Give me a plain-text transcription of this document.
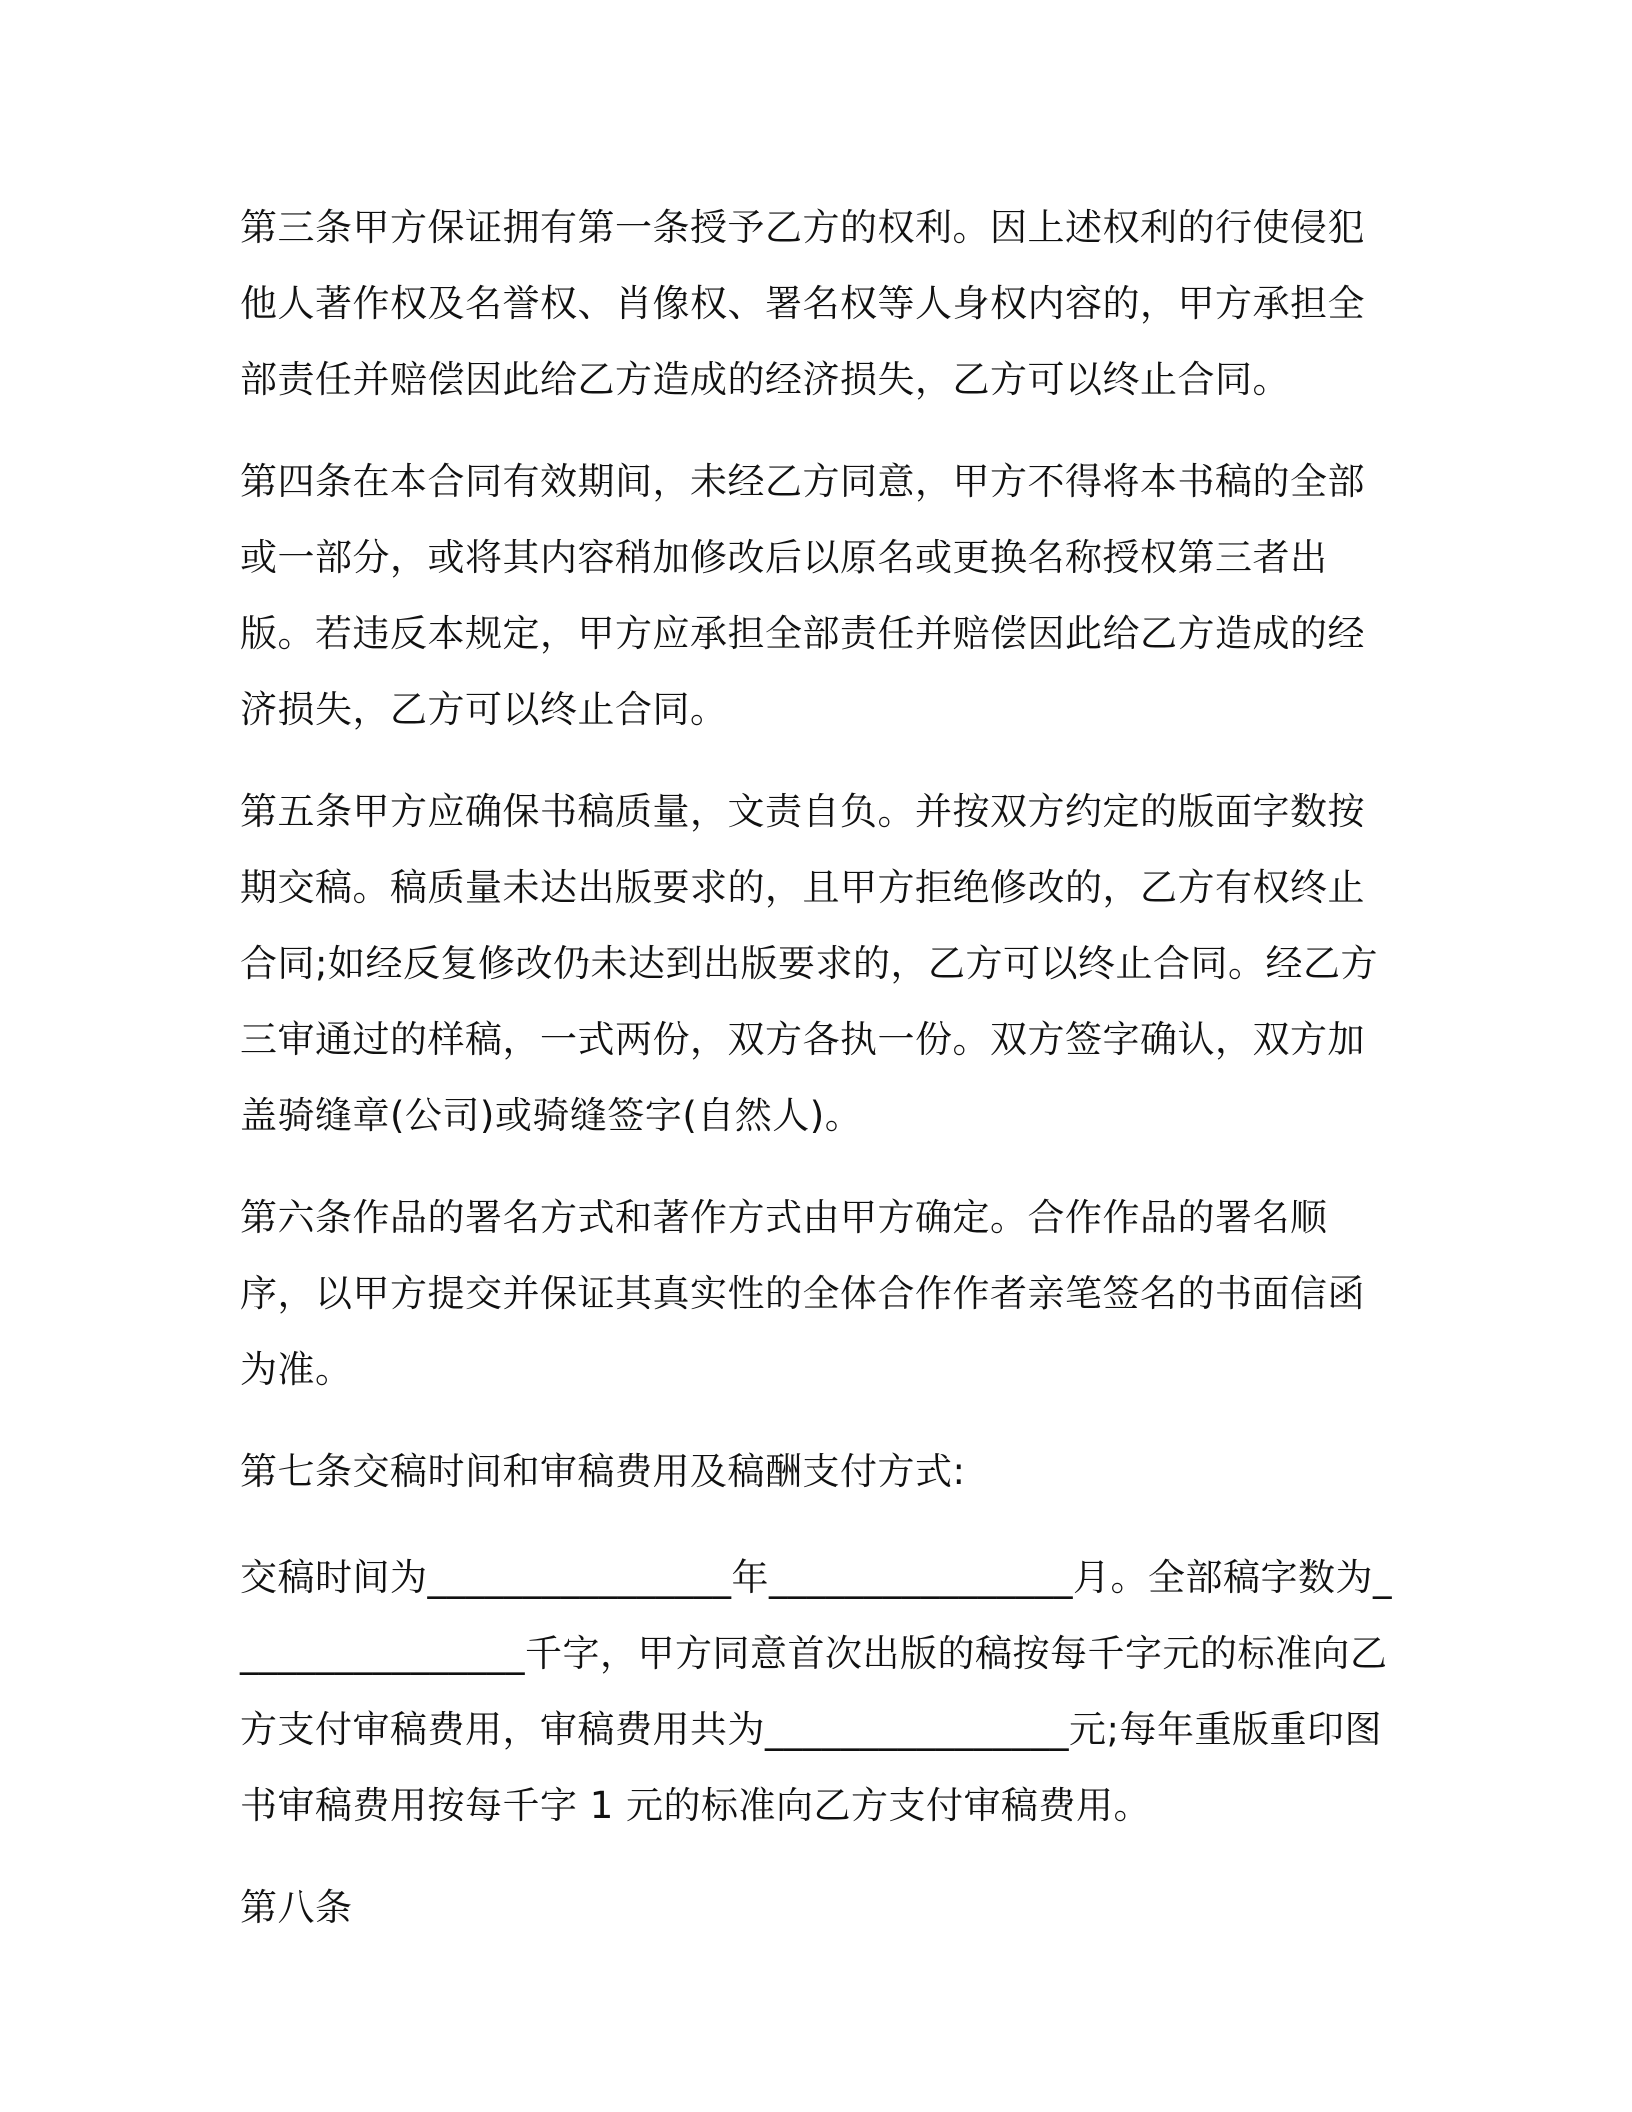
第三条甲方保证拥有第一条授予乙方的权利。因上述权利的行使侵犯他人著作权及名誉权、肖像权、署名权等人身权内容的，甲方承担全部责任并赔偿因此给乙方造成的经济损失，乙方可以终止合同。

第四条在本合同有效期间，未经乙方同意，甲方不得将本书稿的全部或一部分，或将其内容稍加修改后以原名或更换名称授权第三者出版。若违反本规定，甲方应承担全部责任并赔偿因此给乙方造成的经济损失，乙方可以终止合同。

第五条甲方应确保书稿质量，文责自负。并按双方约定的版面字数按期交稿。稿质量未达出版要求的，且甲方拒绝修改的，乙方有权终止合同;如经反复修改仍未达到出版要求的，乙方可以终止合同。经乙方三审通过的样稿，一式两份，双方各执一份。双方签字确认，双方加盖骑缝章(公司)或骑缝签字(自然人)。

第六条作品的署名方式和著作方式由甲方确定。合作作品的署名顺序，以甲方提交并保证其真实性的全体合作作者亲笔签名的书面信函为准。

第七条交稿时间和审稿费用及稿酬支付方式:

交稿时间为________________年________________月。全部稿字数为________________千字，甲方同意首次出版的稿按每千字元的标准向乙方支付审稿费用，审稿费用共为________________元;每年重版重印图书审稿费用按每千字 1 元的标准向乙方支付审稿费用。

第八条
